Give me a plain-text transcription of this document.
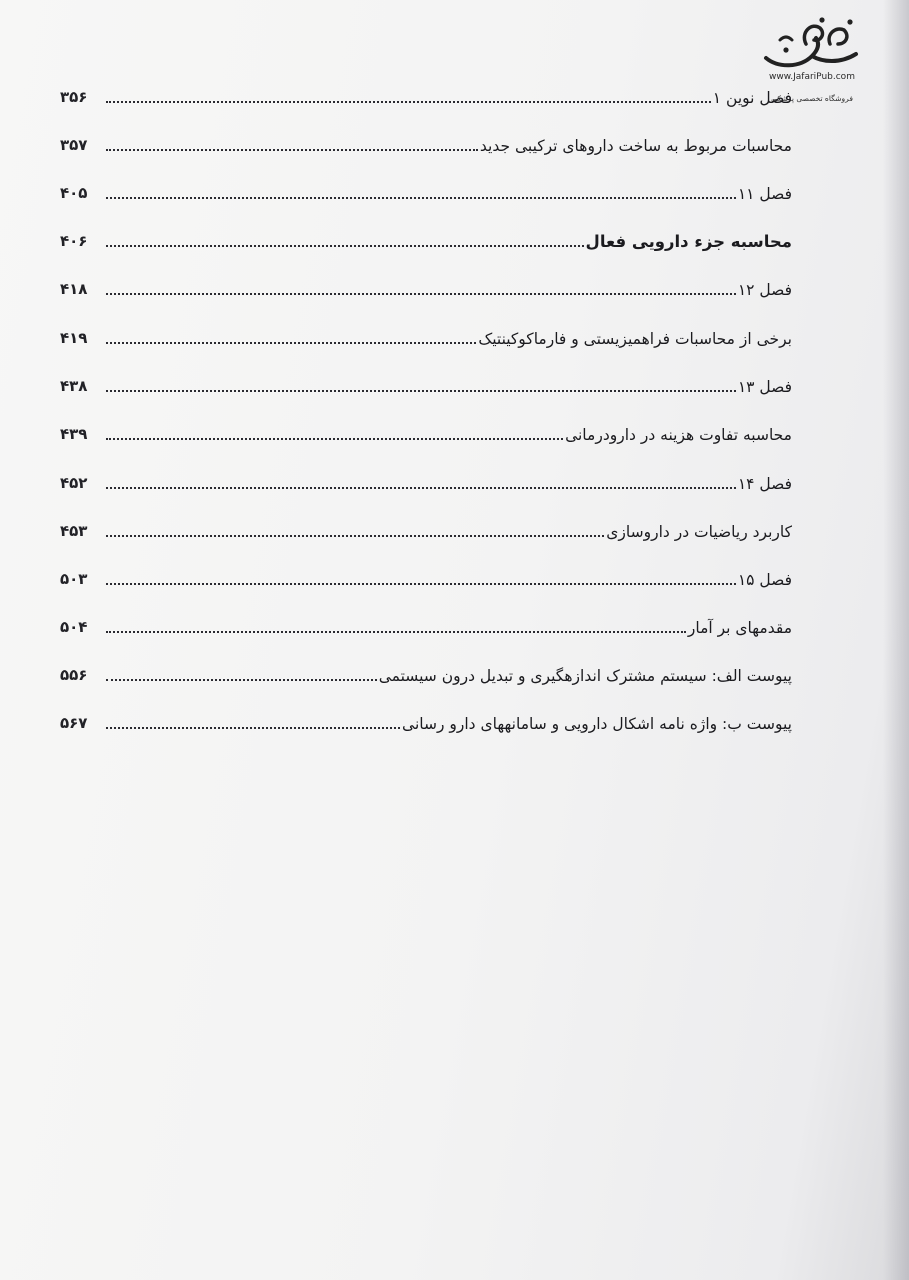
www.JafariPub.com
فروشگاه تخصصی پزشکی
فصل نوین ۱
۳۵۶
محاسبات مربوط به ساخت داروهای ترکیبی جدید
۳۵۷
فصل ۱۱
۴۰۵
محاسبه جزء دارویی فعال
۴۰۶
فصل ۱۲
۴۱۸
برخی از محاسبات فراهمیزیستی و فارماکوکینتیک
۴۱۹
فصل ۱۳
۴۳۸
محاسبه تفاوت هزینه در دارودرمانی
۴۳۹
فصل ۱۴
۴۵۲
کاربرد ریاضیات در داروسازی
۴۵۳
فصل ۱۵
۵۰۳
مقدمهای بر آمار
۵۰۴
پیوست الف: سیستم مشترک اندازهگیری و تبدیل درون سیستمی
۵۵۶
پیوست ب: واژه نامه اشکال دارویی و سامانههای دارو رسانی
۵۶۷
